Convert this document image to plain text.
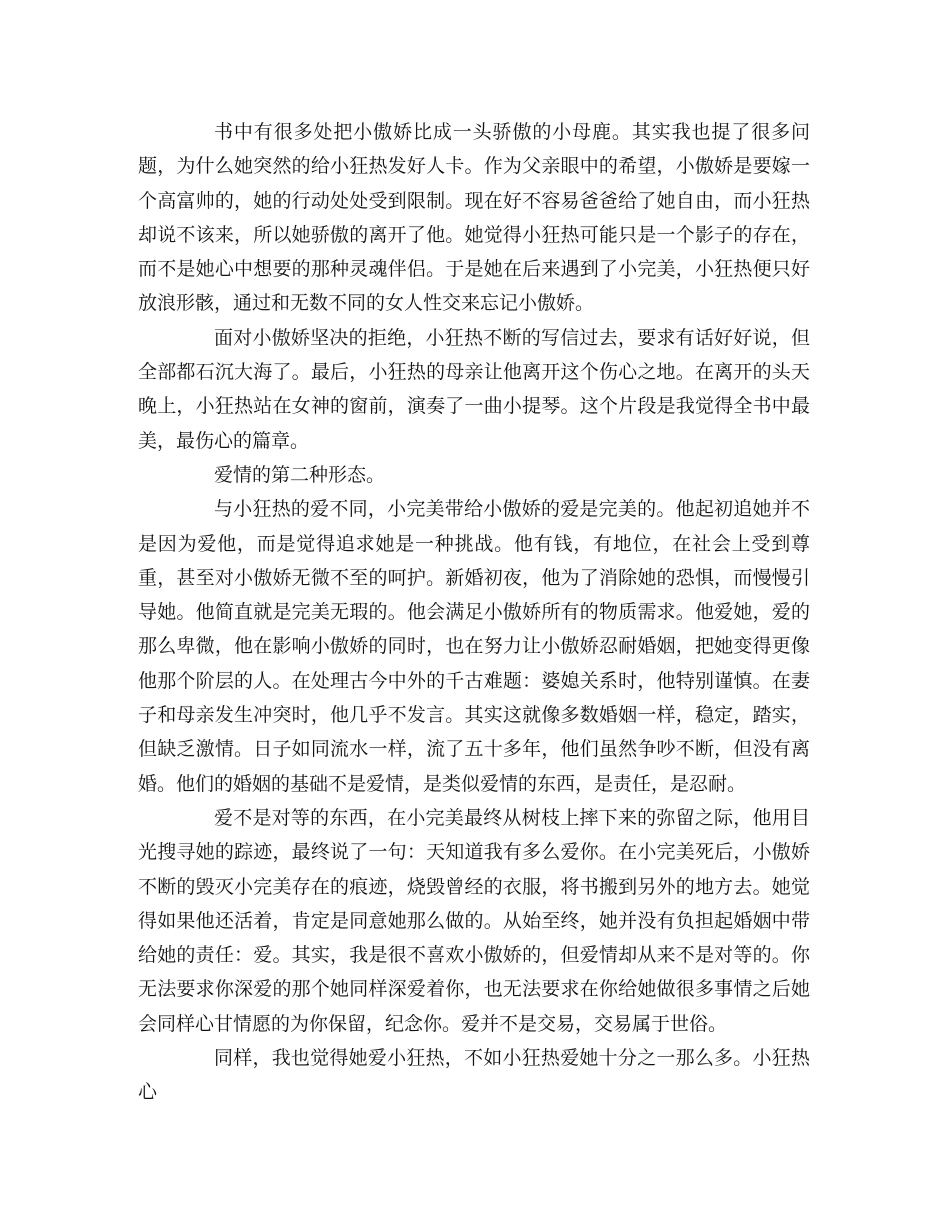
书中有很多处把小傲娇比成一头骄傲的小母鹿。其实我也提了很多问题，为什么她突然的给小狂热发好人卡。作为父亲眼中的希望，小傲娇是要嫁一个高富帅的，她的行动处处受到限制。现在好不容易爸爸给了她自由，而小狂热却说不该来，所以她骄傲的离开了他。她觉得小狂热可能只是一个影子的存在，而不是她心中想要的那种灵魂伴侣。于是她在后来遇到了小完美，小狂热便只好放浪形骸，通过和无数不同的女人性交来忘记小傲娇。

面对小傲娇坚决的拒绝，小狂热不断的写信过去，要求有话好好说，但全部都石沉大海了。最后，小狂热的母亲让他离开这个伤心之地。在离开的头天晚上，小狂热站在女神的窗前，演奏了一曲小提琴。这个片段是我觉得全书中最美，最伤心的篇章。

爱情的第二种形态。

与小狂热的爱不同，小完美带给小傲娇的爱是完美的。他起初追她并不是因为爱他，而是觉得追求她是一种挑战。他有钱，有地位，在社会上受到尊重，甚至对小傲娇无微不至的呵护。新婚初夜，他为了消除她的恐惧，而慢慢引导她。他简直就是完美无瑕的。他会满足小傲娇所有的物质需求。他爱她，爱的那么卑微，他在影响小傲娇的同时，也在努力让小傲娇忍耐婚姻，把她变得更像他那个阶层的人。在处理古今中外的千古难题：婆媳关系时，他特别谨慎。在妻子和母亲发生冲突时，他几乎不发言。其实这就像多数婚姻一样，稳定，踏实，但缺乏激情。日子如同流水一样，流了五十多年，他们虽然争吵不断，但没有离婚。他们的婚姻的基础不是爱情，是类似爱情的东西，是责任，是忍耐。

爱不是对等的东西，在小完美最终从树枝上摔下来的弥留之际，他用目光搜寻她的踪迹，最终说了一句：天知道我有多么爱你。在小完美死后，小傲娇不断的毁灭小完美存在的痕迹，烧毁曾经的衣服，将书搬到另外的地方去。她觉得如果他还活着，肯定是同意她那么做的。从始至终，她并没有负担起婚姻中带给她的责任：爱。其实，我是很不喜欢小傲娇的，但爱情却从来不是对等的。你无法要求你深爱的那个她同样深爱着你，也无法要求在你给她做很多事情之后她会同样心甘情愿的为你保留，纪念你。爱并不是交易，交易属于世俗。

同样，我也觉得她爱小狂热，不如小狂热爱她十分之一那么多。小狂热心
